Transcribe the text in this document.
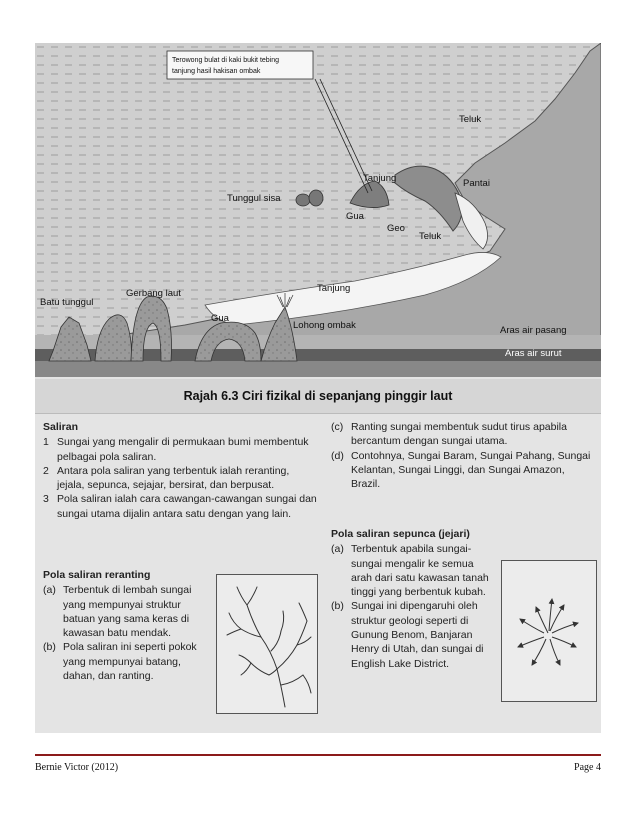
Terowong bulat di kaki bukit tebing
tanjung hasil hakisan ombak
Teluk
Tanjung	Pantai
Tunggul sisa
Gua
Geo
Teluk
Tanjung
Batu tunggul
Gerbang laut
Gua
Lohong ombak	Aras air pasang
Aras air surut
Rajah 6.3 Ciri fizikal di sepanjang pinggir laut
Saliran
1 Sungai yang mengalir di permukaan bumi membentuk pelbagai pola saliran.
2 Antara pola saliran yang terbentuk ialah reranting, jejala, sepunca, sejajar, bersirat, dan berpusat.
3 Pola saliran ialah cara cawangan-cawangan sungai dan sungai utama dijalin antara satu dengan yang lain.
Pola saliran reranting
(a) Terbentuk di lembah sungai yang mempunyai struktur batuan yang sama keras di kawasan batu mendak.
(b) Pola saliran ini seperti pokok yang mempunyai batang, dahan, dan ranting.
(c) Ranting sungai membentuk sudut tirus apabila bercantum dengan sungai utama.
(d) Contohnya, Sungai Baram, Sungai Pahang, Sungai Kelantan, Sungai Linggi, dan Sungai Amazon, Brazil.
Pola saliran sepunca (jejari)
(a) Terbentuk apabila sungai-sungai mengalir ke semua arah dari satu kawasan tanah tinggi yang berbentuk kubah.
(b) Sungai ini dipengaruhi oleh struktur geologi seperti di Gunung Benom, Banjaran Henry di Utah, dan sungai di English Lake District.
Bernie Victor (2012)	Page 4
